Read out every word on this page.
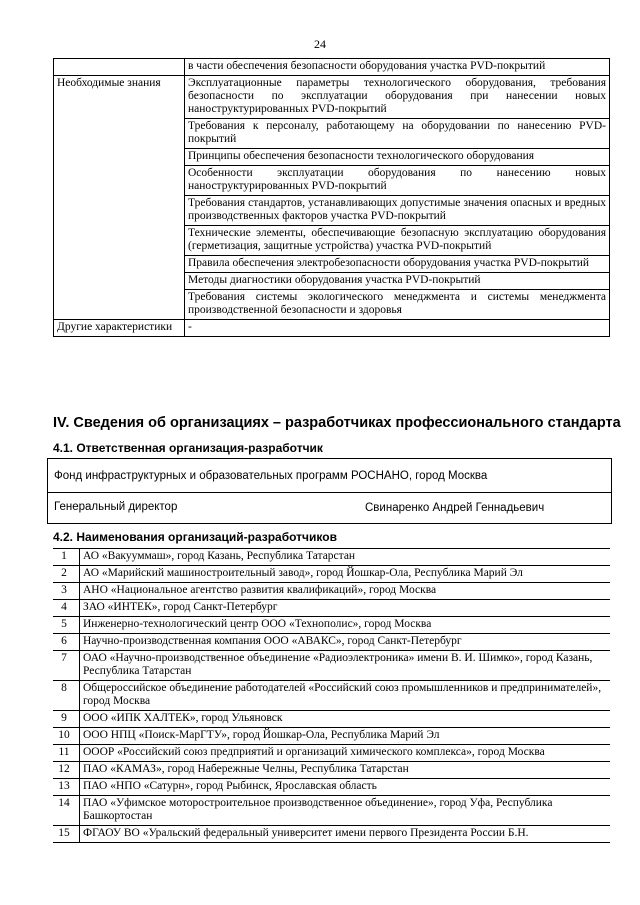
24
	в части обеспечения безопасности оборудования участка PVD-покрытий
Необходимые знания	Эксплуатационные параметры технологического оборудования, требования безопасности по эксплуатации оборудования при нанесении новых наноструктурированных PVD-покрытий
	Требования к персоналу, работающему на оборудовании по нанесению PVD-покрытий
	Принципы обеспечения безопасности технологического оборудования
	Особенности эксплуатации оборудования по нанесению новых наноструктурированных PVD-покрытий
	Требования стандартов, устанавливающих допустимые значения опасных и вредных производственных факторов участка PVD-покрытий
	Технические элементы, обеспечивающие безопасную эксплуатацию оборудования (герметизация, защитные устройства) участка PVD-покрытий
	Правила обеспечения электробезопасности оборудования участка PVD-покрытий
	Методы диагностики оборудования участка PVD-покрытий
	Требования системы экологического менеджмента и системы менеджмента производственной безопасности и здоровья
Другие характеристики	-
IV. Сведения об организациях – разработчиках профессионального стандарта
4.1. Ответственная организация-разработчик
Фонд инфраструктурных и образовательных программ РОСНАНО, город Москва
Генеральный директор	Свинаренко Андрей Геннадьевич
4.2. Наименования организаций-разработчиков
1	АО «Вакууммаш», город Казань, Республика Татарстан
2	АО «Марийский машиностроительный завод», город Йошкар-Ола, Республика Марий Эл
3	АНО «Национальное агентство развития квалификаций», город Москва
4	ЗАО «ИНТЕК», город Санкт-Петербург
5	Инженерно-технологический центр ООО «Технополис», город Москва
6	Научно-производственная компания ООО «АВАКС», город Санкт-Петербург
7	ОАО «Научно-производственное объединение «Радиоэлектроника» имени В. И. Шимко», город Казань, Республика Татарстан
8	Общероссийское объединение работодателей «Российский союз промышленников и предпринимателей», город Москва
9	ООО «ИПК ХАЛТЕК», город Ульяновск
10	ООО НПЦ «Поиск-МарГТУ», город Йошкар-Ола, Республика Марий Эл
11	ОООР «Российский союз предприятий и организаций химического комплекса», город Москва
12	ПАО «КАМАЗ», город Набережные Челны, Республика Татарстан
13	ПАО «НПО «Сатурн», город Рыбинск, Ярославская область
14	ПАО «Уфимское моторостроительное производственное объединение», город Уфа, Республика Башкортостан
15	ФГАОУ ВО «Уральский федеральный университет имени первого Президента России Б.Н.
